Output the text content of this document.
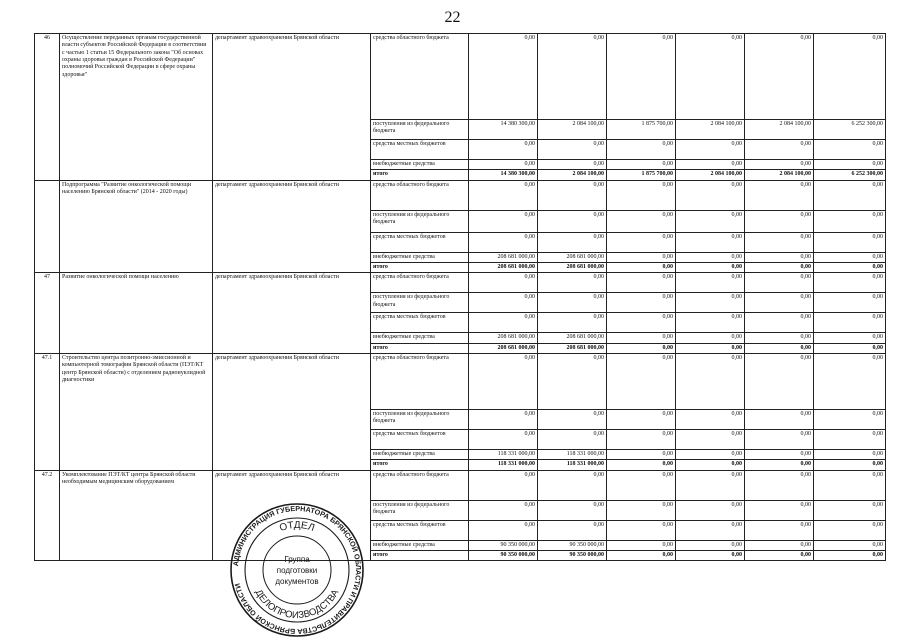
22
46	Осуществление переданных органам государственной власти субъектов Российской Федерации в соответствии с частью 1 статьи 15 Федерального закона "Об основах охраны здоровья граждан в Российской Федерации" полномочий Российской Федерации в сфере охраны здоровья"	департамент здравоохранения Брянской области	средства областного бюджета	0,00	0,00	0,00	0,00	0,00	0,00
			поступления из федерального бюджета	14 380 300,00	2 084 100,00	1 875 700,00	2 084 100,00	2 084 100,00	6 252 300,00
			средства местных бюджетов	0,00	0,00	0,00	0,00	0,00	0,00
			внебюджетные средства	0,00	0,00	0,00	0,00	0,00	0,00
			итого	14 380 300,00	2 084 100,00	1 875 700,00	2 084 100,00	2 084 100,00	6 252 300,00
	Подпрограмма "Развитие онкологической помощи населению Брянской области" (2014 - 2020 годы)	департамент здравоохранения Брянской области	средства областного бюджета	0,00	0,00	0,00	0,00	0,00	0,00
			поступления из федерального бюджета	0,00	0,00	0,00	0,00	0,00	0,00
			средства местных бюджетов	0,00	0,00	0,00	0,00	0,00	0,00
			внебюджетные средства	208 681 000,00	208 681 000,00	0,00	0,00	0,00	0,00
			итого	208 681 000,00	208 681 000,00	0,00	0,00	0,00	0,00
47	Развитие онкологической помощи населению	департамент здравоохранения Брянской области	средства областного бюджета	0,00	0,00	0,00	0,00	0,00	0,00
			поступления из федерального бюджета	0,00	0,00	0,00	0,00	0,00	0,00
			средства местных бюджетов	0,00	0,00	0,00	0,00	0,00	0,00
			внебюджетные средства	208 681 000,00	208 681 000,00	0,00	0,00	0,00	0,00
			итого	208 681 000,00	208 681 000,00	0,00	0,00	0,00	0,00
47.1	Строительство центра позитронно-эмиссионной и компьютерной томографии Брянской области (ПЭТ/КТ центр Брянской области) с отделением радионуклидной диагностики	департамент здравоохранения Брянской области	средства областного бюджета	0,00	0,00	0,00	0,00	0,00	0,00
			поступления из федерального бюджета	0,00	0,00	0,00	0,00	0,00	0,00
			средства местных бюджетов	0,00	0,00	0,00	0,00	0,00	0,00
			внебюджетные средства	118 331 000,00	118 331 000,00	0,00	0,00	0,00	0,00
			итого	118 331 000,00	118 331 000,00	0,00	0,00	0,00	0,00
47.2	Укомплектование ПЭТ/КТ центра Брянской области необходимым медицинским оборудованием	департамент здравоохранения Брянской области	средства областного бюджета	0,00	0,00	0,00	0,00	0,00	0,00
			поступления из федерального бюджета	0,00	0,00	0,00	0,00	0,00	0,00
			средства местных бюджетов	0,00	0,00	0,00	0,00	0,00	0,00
			внебюджетные средства	90 350 000,00	90 350 000,00	0,00	0,00	0,00	0,00
			итого	90 350 000,00	90 350 000,00	0,00	0,00	0,00	0,00
АДМИНИСТРАЦИЯ ГУБЕРНАТОРА БРЯНСКОЙ ОБЛАСТИ И ПРАВИТЕЛЬСТВА БРЯНСКОЙ ОБЛАСТИ
ОТДЕЛ
ДЕЛОПРОИЗВОДСТВА
Группа
подготовки
документов
